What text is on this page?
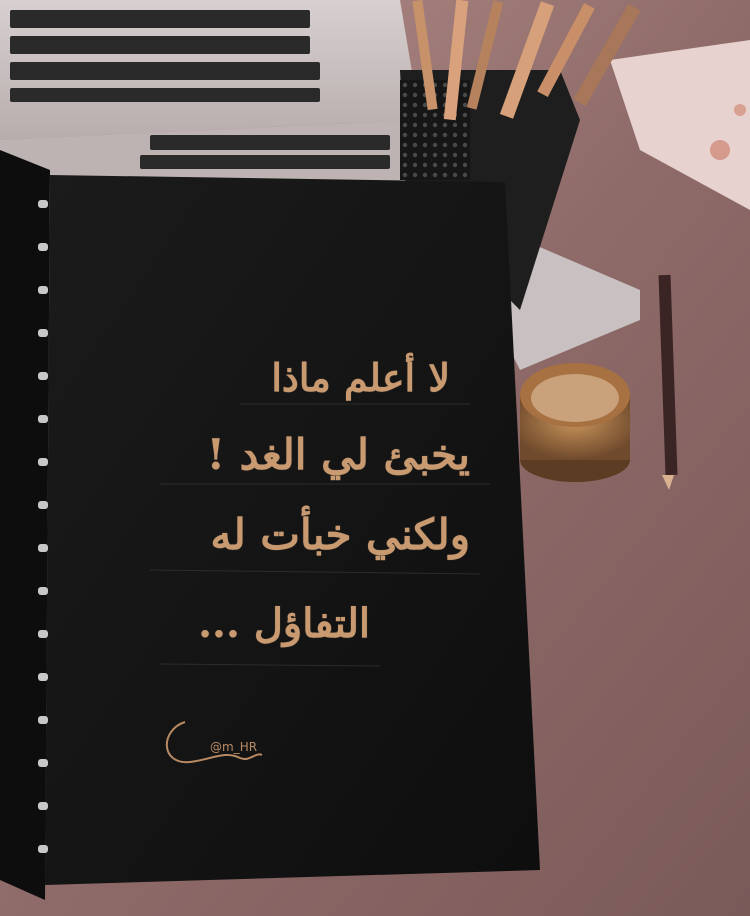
لا أعلم ماذا
يخبئ لي الغد !
ولكني خبأت له
التفاؤل ...
@m_HR
